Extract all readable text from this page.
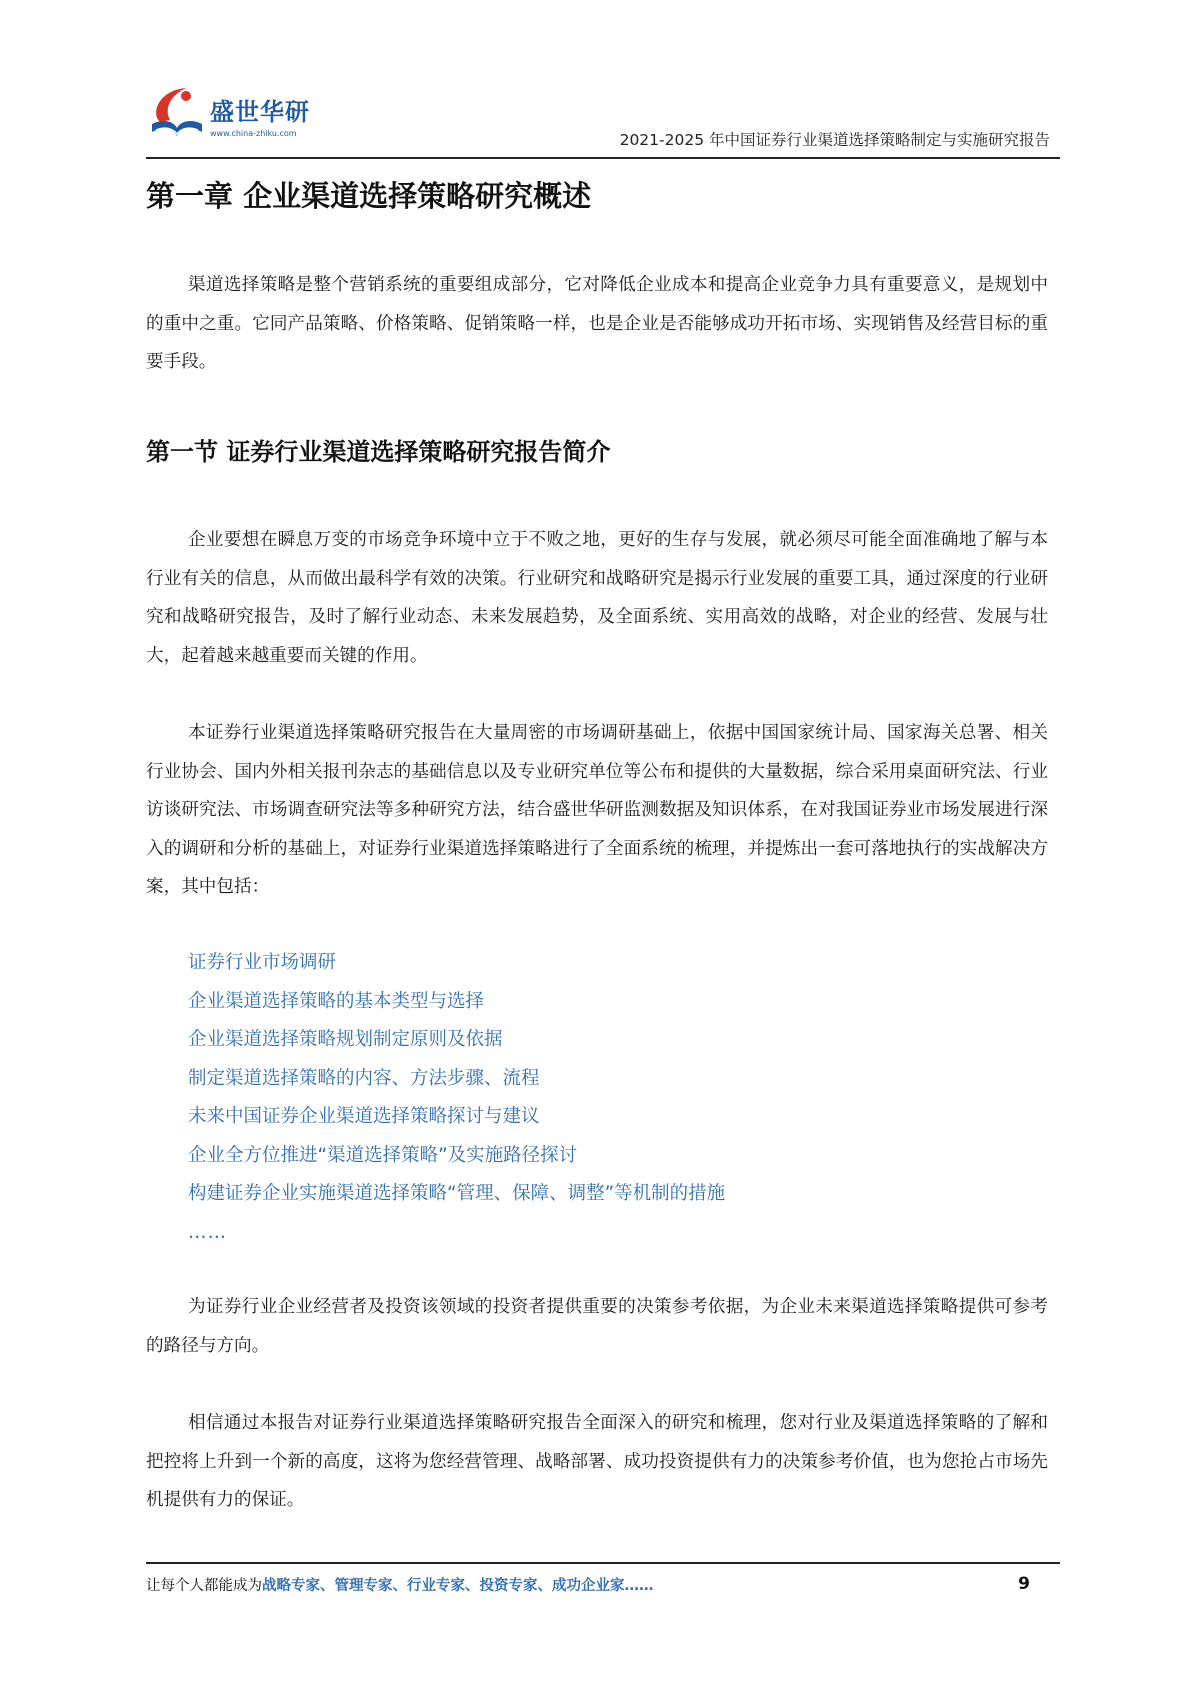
盛世华研
www.china-zhiku.com	2021-2025 年中国证券行业渠道选择策略制定与实施研究报告
第一章 企业渠道选择策略研究概述

渠道选择策略是整个营销系统的重要组成部分，它对降低企业成本和提高企业竞争力具有重要意义，是规划中的重中之重。它同产品策略、价格策略、促销策略一样，也是企业是否能够成功开拓市场、实现销售及经营目标的重要手段。

第一节 证券行业渠道选择策略研究报告简介

企业要想在瞬息万变的市场竞争环境中立于不败之地，更好的生存与发展，就必须尽可能全面准确地了解与本行业有关的信息，从而做出最科学有效的决策。行业研究和战略研究是揭示行业发展的重要工具，通过深度的行业研究和战略研究报告，及时了解行业动态、未来发展趋势，及全面系统、实用高效的战略，对企业的经营、发展与壮大，起着越来越重要而关键的作用。

本证券行业渠道选择策略研究报告在大量周密的市场调研基础上，依据中国国家统计局、国家海关总署、相关行业协会、国内外相关报刊杂志的基础信息以及专业研究单位等公布和提供的大量数据，综合采用桌面研究法、行业访谈研究法、市场调查研究法等多种研究方法，结合盛世华研监测数据及知识体系，在对我国证券业市场发展进行深入的调研和分析的基础上，对证券行业渠道选择策略进行了全面系统的梳理，并提炼出一套可落地执行的实战解决方案，其中包括：

证券行业市场调研
企业渠道选择策略的基本类型与选择
企业渠道选择策略规划制定原则及依据
制定渠道选择策略的内容、方法步骤、流程
未来中国证券企业渠道选择策略探讨与建议
企业全方位推进“渠道选择策略”及实施路径探讨
构建证券企业实施渠道选择策略“管理、保障、调整”等机制的措施
……

为证券行业企业经营者及投资该领域的投资者提供重要的决策参考依据，为企业未来渠道选择策略提供可参考的路径与方向。

相信通过本报告对证券行业渠道选择策略研究报告全面深入的研究和梳理，您对行业及渠道选择策略的了解和把控将上升到一个新的高度，这将为您经营管理、战略部署、成功投资提供有力的决策参考价值，也为您抢占市场先机提供有力的保证。

让每个人都能成为战略专家、管理专家、行业专家、投资专家、成功企业家……	9
